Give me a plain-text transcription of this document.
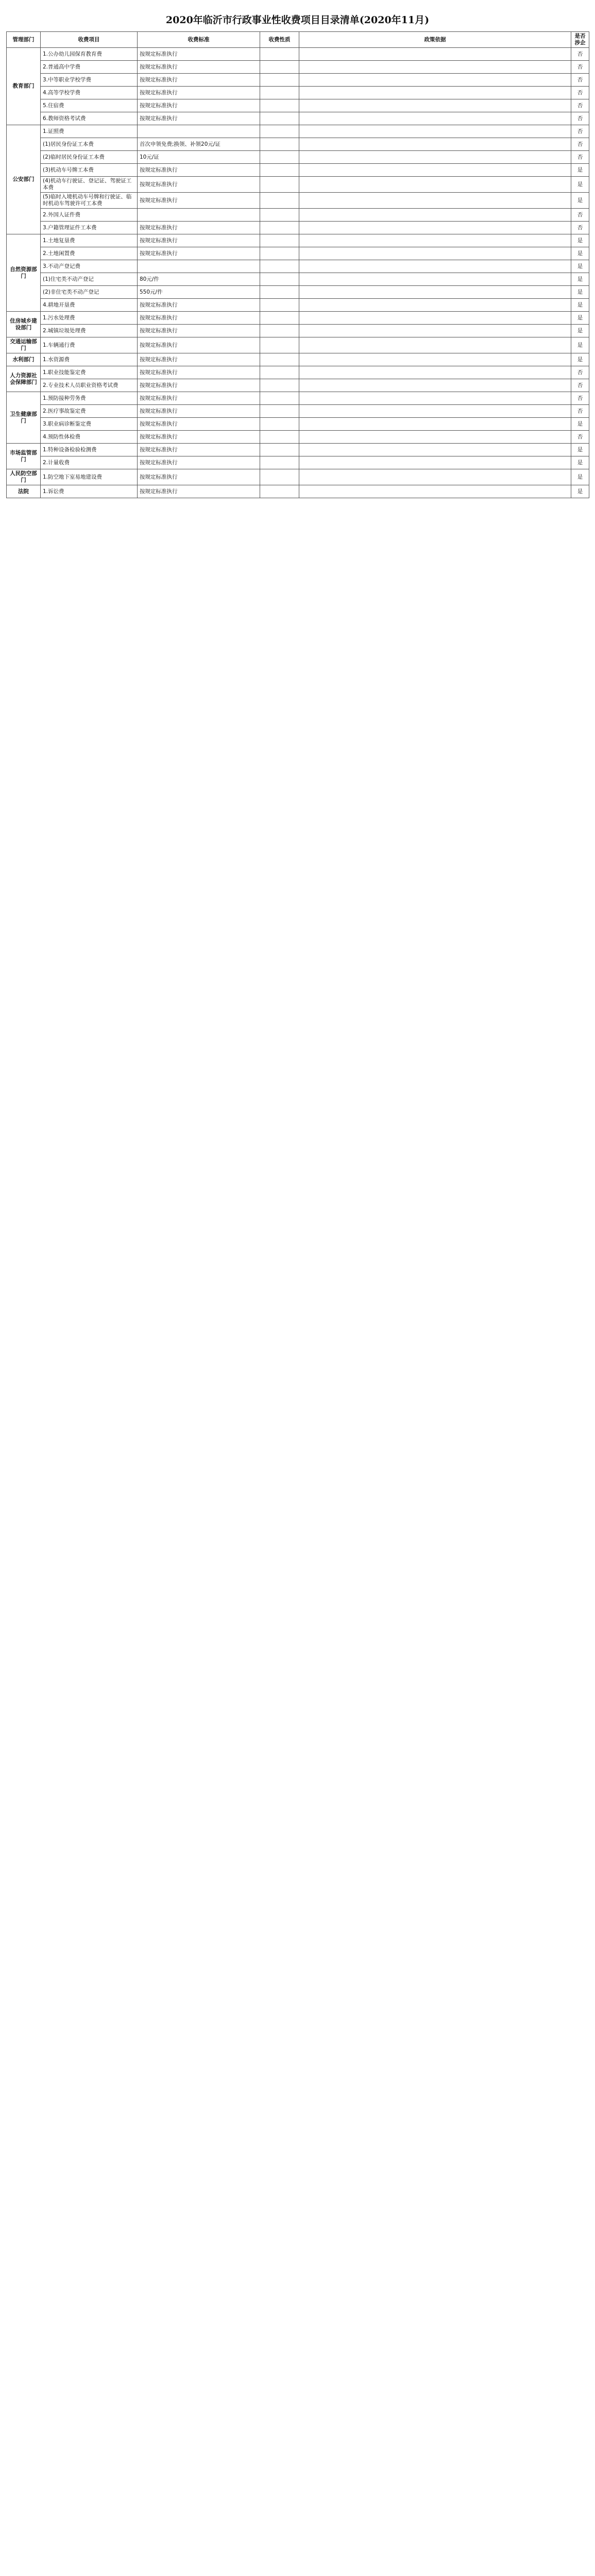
2020年临沂市行政事业性收费项目目录清单(2020年11月)
管理部门	收费项目	收费标准	收费性质	政策依据	是否涉企
教育部门	1.公办幼儿园保育教育费	按规定标准执行			否
	2.普通高中学费	按规定标准执行			否
	3.中等职业学校学费	按规定标准执行			否
	4.高等学校学费	按规定标准执行			否
	5.住宿费	按规定标准执行			否
	6.教师资格考试费	按规定标准执行			否
公安部门	1.证照费				否
	(1)居民身份证工本费	首次申领免费;换领、补领20元/证			否
	(2)临时居民身份证工本费	10元/证			否
	(3)机动车号牌工本费	按规定标准执行			是
	(4)机动车行驶证、登记证、驾驶证工本费	按规定标准执行			是
	(5)临时入境机动车号牌和行驶证、临时机动车驾驶许可工本费	按规定标准执行			是
	2.外国人证件费				否
	3.户籍管理证件工本费	按规定标准执行			否
自然资源部门	1.土地复垦费	按规定标准执行			是
	2.土地闲置费	按规定标准执行			是
	3.不动产登记费				是
	(1)住宅类不动产登记	80元/件			是
	(2)非住宅类不动产登记	550元/件			是
	4.耕地开垦费	按规定标准执行			是
住房城乡建设部门	1.污水处理费	按规定标准执行			是
	2.城镇垃圾处理费	按规定标准执行			是
交通运输部门	1.车辆通行费	按规定标准执行			是
水利部门	1.水资源费	按规定标准执行			是
人力资源社会保障部门	1.职业技能鉴定费	按规定标准执行			否
	2.专业技术人员职业资格考试费	按规定标准执行			否
卫生健康部门	1.预防接种劳务费	按规定标准执行			否
	2.医疗事故鉴定费	按规定标准执行			否
	3.职业病诊断鉴定费	按规定标准执行			是
	4.预防性体检费	按规定标准执行			否
市场监管部门	1.特种设备检验检测费	按规定标准执行			是
	2.计量收费	按规定标准执行			是
人民防空部门	1.防空地下室易地建设费	按规定标准执行			是
法院	1.诉讼费	按规定标准执行			是
